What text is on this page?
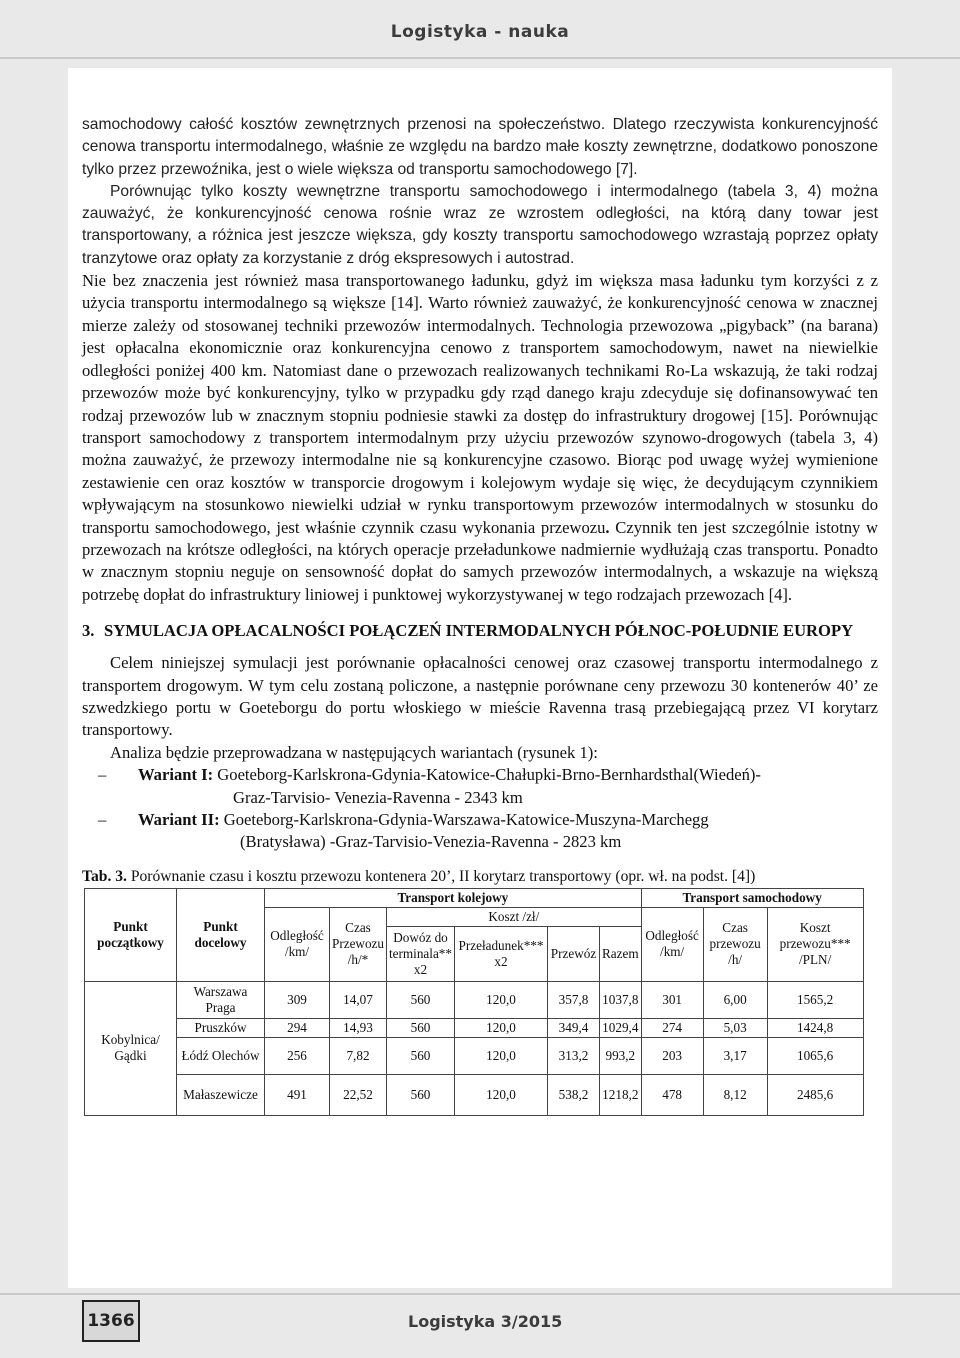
Logistyka - nauka

samochodowy całość kosztów zewnętrznych przenosi na społeczeństwo. Dlatego rzeczywista konkurencyjność cenowa transportu intermodalnego, właśnie ze względu na bardzo małe koszty zewnętrzne, dodatkowo ponoszone tylko przez przewoźnika, jest o wiele większa od transportu samochodowego [7].

Porównując tylko koszty wewnętrzne transportu samochodowego i intermodalnego (tabela 3, 4) można zauważyć, że konkurencyjność cenowa rośnie wraz ze wzrostem odległości, na którą dany towar jest transportowany, a różnica jest jeszcze większa, gdy koszty transportu samochodowego wzrastają poprzez opłaty tranzytowe oraz opłaty za korzystanie z dróg ekspresowych i autostrad.

Nie bez znaczenia jest również masa transportowanego ładunku, gdyż im większa masa ładunku tym korzyści z z użycia transportu intermodalnego są większe [14]. Warto również zauważyć, że konkurencyjność cenowa w znacznej mierze zależy od stosowanej techniki przewozów intermodalnych. Technologia przewozowa „pigyback” (na barana) jest opłacalna ekonomicznie oraz konkurencyjna cenowo z transportem samochodowym, nawet na niewielkie odległości poniżej 400 km. Natomiast dane o przewozach realizowanych technikami Ro-La wskazują, że taki rodzaj przewozów może być konkurencyjny, tylko w przypadku gdy rząd danego kraju zdecyduje się dofinansowywać ten rodzaj przewozów lub w znacznym stopniu podniesie stawki za dostęp do infrastruktury drogowej [15]. Porównując transport samochodowy z transportem intermodalnym przy użyciu przewozów szynowo-drogowych (tabela 3, 4) można zauważyć, że przewozy intermodalne nie są konkurencyjne czasowo. Biorąc pod uwagę wyżej wymienione zestawienie cen oraz kosztów w transporcie drogowym i kolejowym wydaje się więc, że decydującym czynnikiem wpływającym na stosunkowo niewielki udział w rynku transportowym przewozów intermodalnych w stosunku do transportu samochodowego, jest właśnie czynnik czasu wykonania przewozu. Czynnik ten jest szczególnie istotny w przewozach na krótsze odległości, na których operacje przeładunkowe nadmiernie wydłużają czas transportu. Ponadto w znacznym stopniu neguje on sensowność dopłat do samych przewozów intermodalnych, a wskazuje na większą potrzebę dopłat do infrastruktury liniowej i punktowej wykorzystywanej w tego rodzajach przewozach [4].

3. SYMULACJA OPŁACALNOŚCI POŁĄCZEŃ INTERMODALNYCH PÓŁNOC-POŁUDNIE EUROPY

Celem niniejszej symulacji jest porównanie opłacalności cenowej oraz czasowej transportu intermodalnego z transportem drogowym. W tym celu zostaną policzone, a następnie porównane ceny przewozu 30 kontenerów 40’ ze szwedzkiego portu w Goeteborgu do portu włoskiego w mieście Ravenna trasą przebiegającą przez VI korytarz transportowy.

Analiza będzie przeprowadzana w następujących wariantach (rysunek 1):

–	Wariant I: Goeteborg-Karlskrona-Gdynia-Katowice-Chałupki-Brno-Bernhardsthal(Wiedeń)-
Graz-Tarvisio- Venezia-Ravenna - 2343 km
–	Wariant II: Goeteborg-Karlskrona-Gdynia-Warszawa-Katowice-Muszyna-Marchegg
(Bratysława) -Graz-Tarvisio-Venezia-Ravenna - 2823 km
Tab. 3. Porównanie czasu i kosztu przewozu kontenera 20’, II korytarz transportowy (opr. wł. na podst. [4])
Punkt początkowy	Punkt docelowy	Transport kolejowy						Transport samochodowy		
		Odległość /km/	Czas Przewozu /h/*	Koszt /zł/				Odległość /km/	Czas przewozu /h/	Koszt przewozu*** /PLN/
				Dowóz do terminala** x2	Przeładunek*** x2	Przewóz	Razem			
Kobylnica/ Gądki	Warszawa Praga	309	14,07	560	120,0	357,8	1037,8	301	6,00	1565,2
	Pruszków	294	14,93	560	120,0	349,4	1029,4	274	5,03	1424,8
	Łódź Olechów	256	7,82	560	120,0	313,2	993,2	203	3,17	1065,6
	Małaszewicze	491	22,52	560	120,0	538,2	1218,2	478	8,12	2485,6
1366	Logistyka 3/2015
